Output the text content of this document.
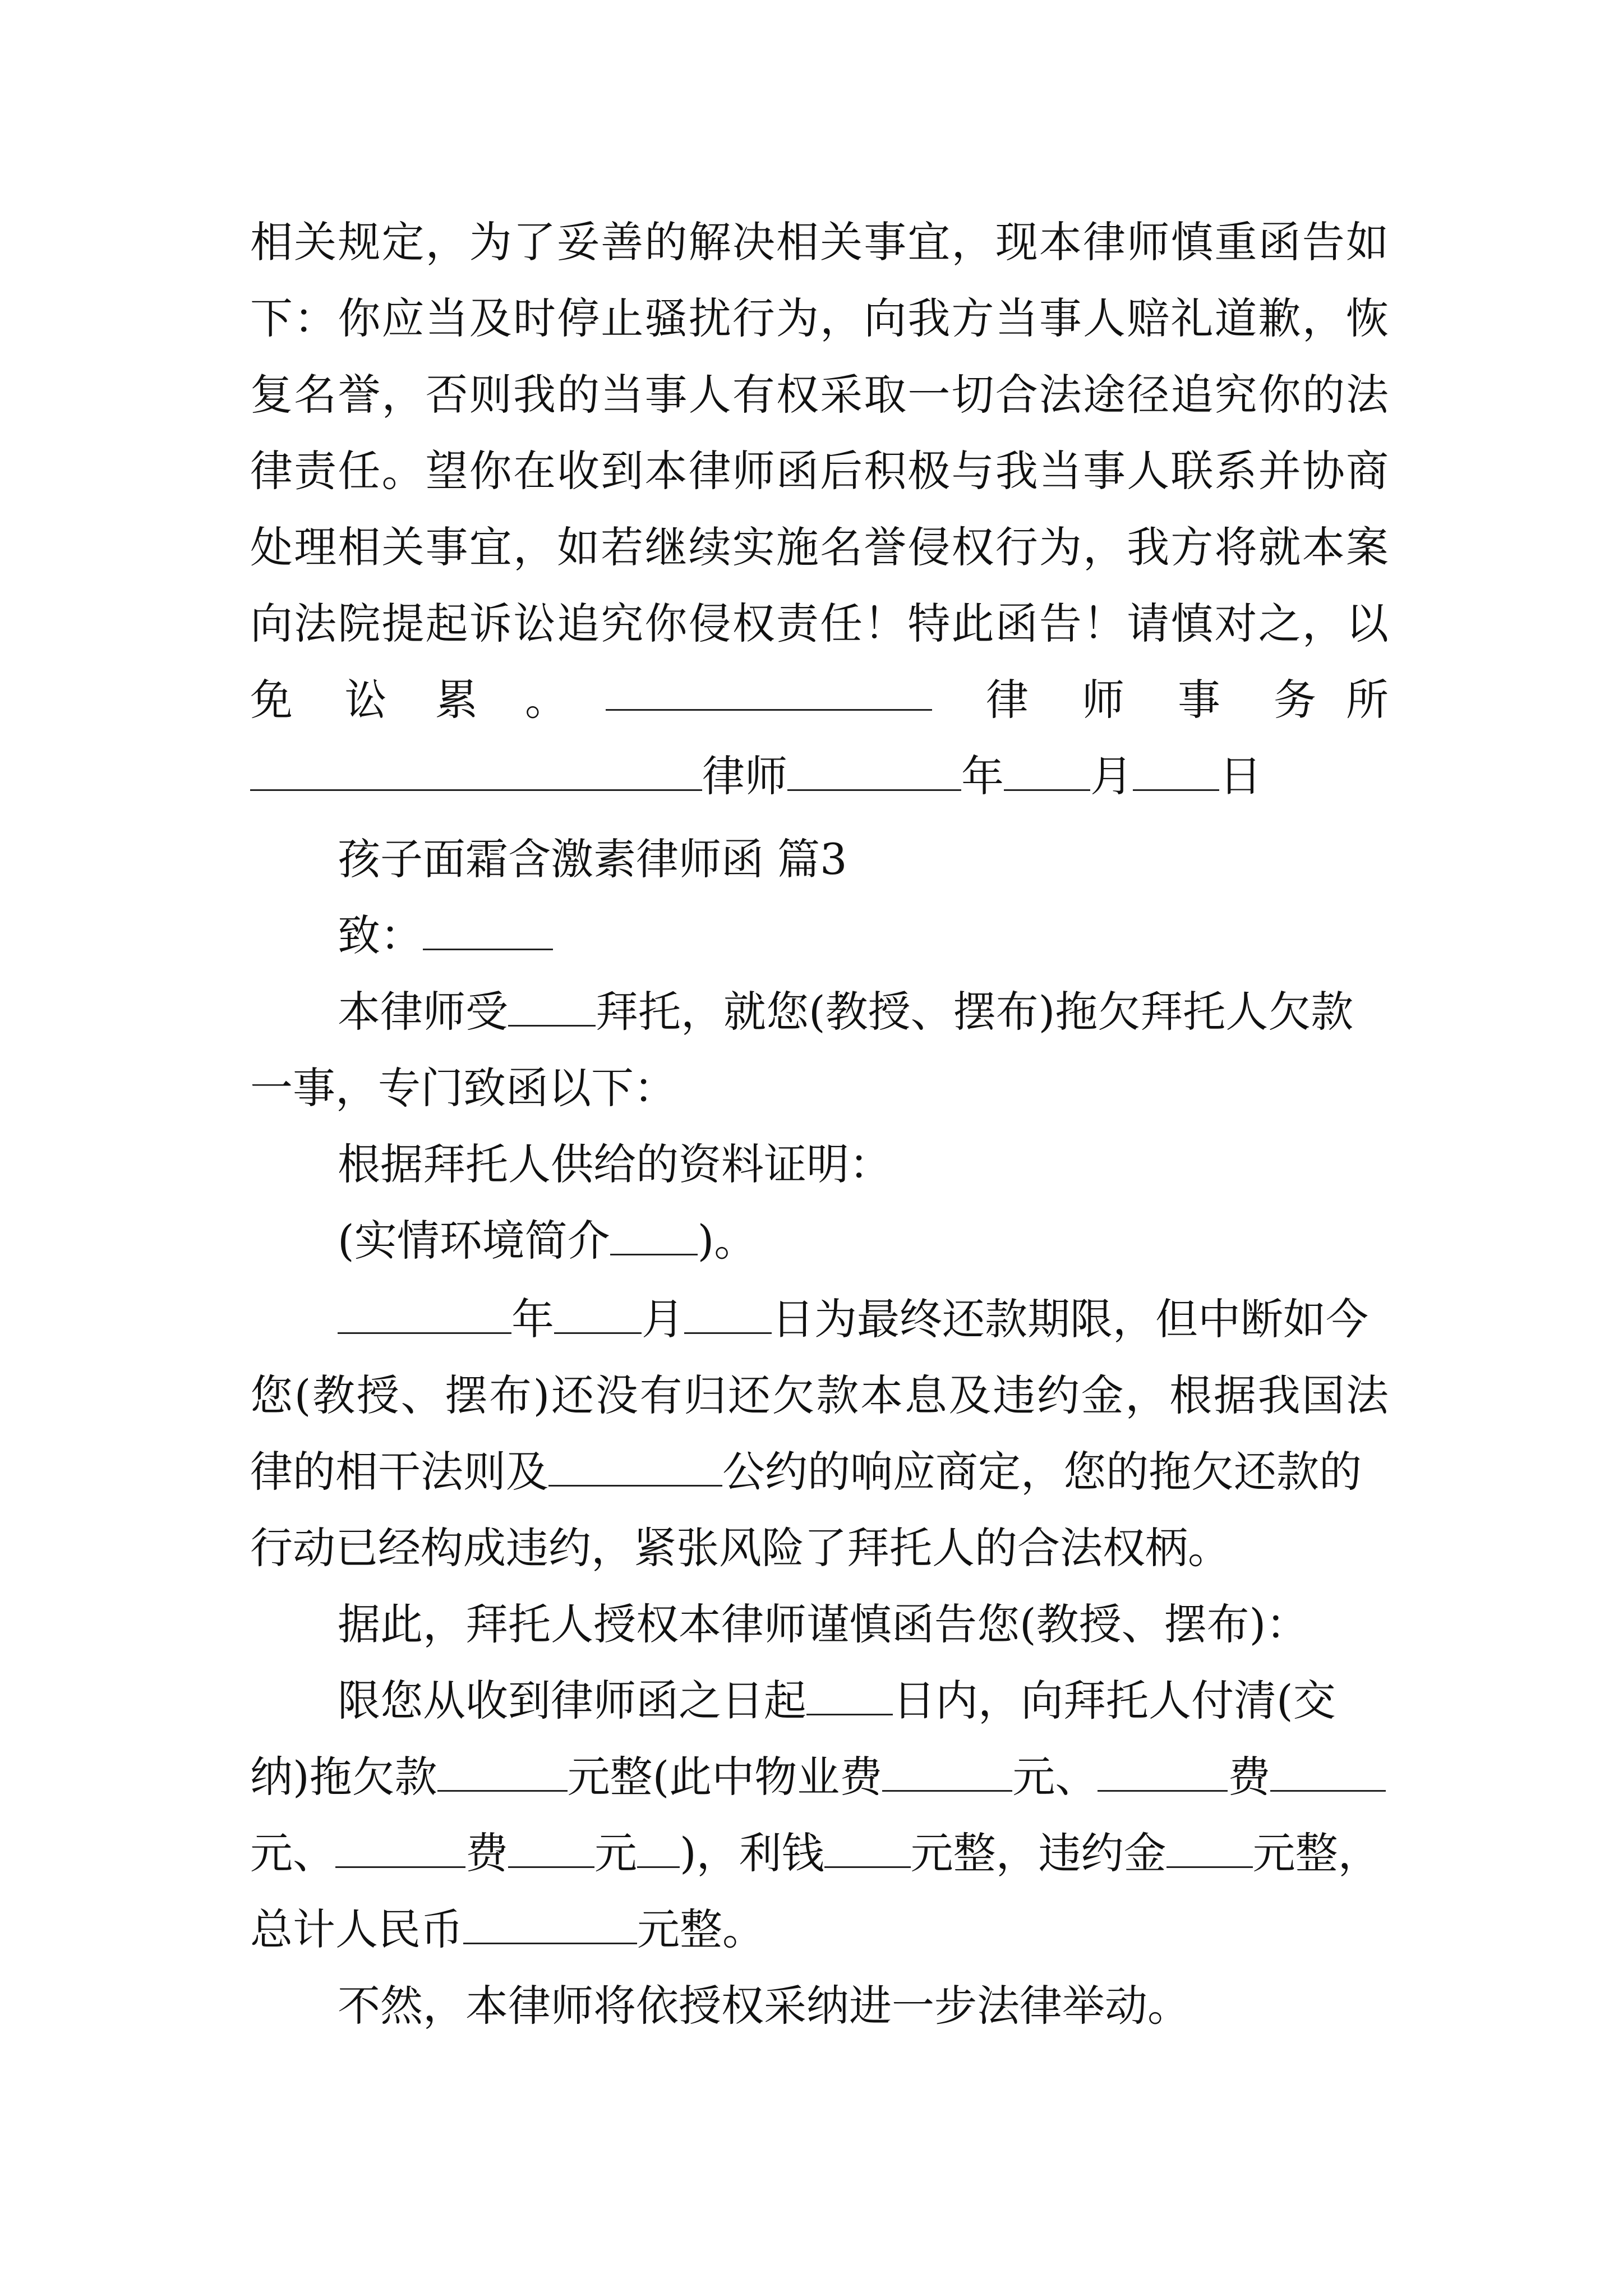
相关规定，为了妥善的解决相关事宜，现本律师慎重函告如
下：你应当及时停止骚扰行为，向我方当事人赔礼道歉，恢
复名誉，否则我的当事人有权采取一切合法途径追究你的法
律责任。望你在收到本律师函后积极与我当事人联系并协商
处理相关事宜，如若继续实施名誉侵权行为，我方将就本案
向法院提起诉讼追究你侵权责任！特此函告！请慎对之，以
免 讼 累 。	律 师 事 务 所
律师	年 月 日
孩子面霜含激素律师函 篇3
致：
本律师受 拜托，就您(教授、摆布)拖欠拜托人欠款
一事，专门致函以下：
根据拜托人供给的资料证明：
(实情环境简介 )。
年 月 日为最终还款期限，但中断如今
您(教授、摆布)还没有归还欠款本息及违约金，根据我国法
律的相干法则及	公约的响应商定，您的拖欠还款的
行动已经构成违约，紧张风险了拜托人的合法权柄。
据此，拜托人授权本律师谨慎函告您(教授、摆布)：
限您从收到律师函之日起 日内，向拜托人付清(交
纳)拖欠款	元整(此中物业费	元、	费
元、	费 元 )，利钱 元整，违约金 元整，
总计人民币	元整。
不然，本律师将依授权采纳进一步法律举动。
